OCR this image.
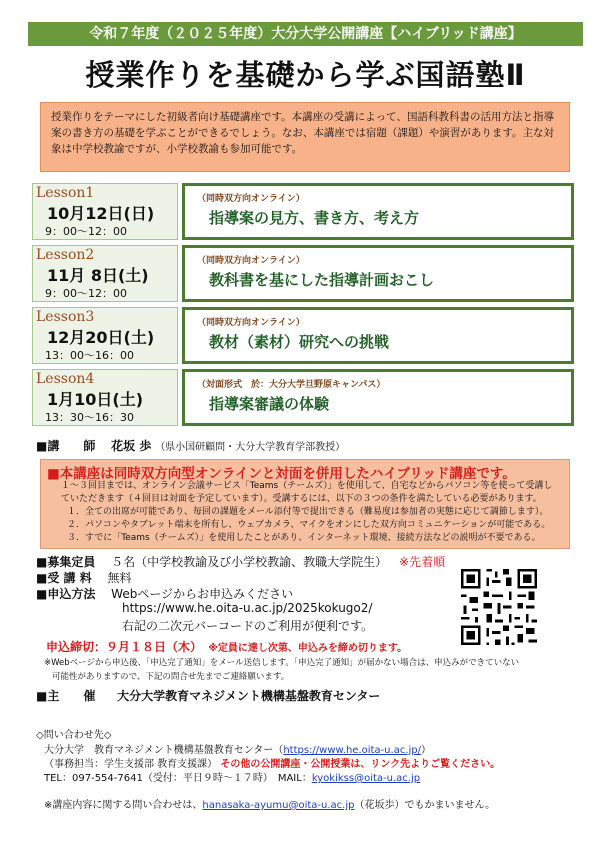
令和７年度（２０２５年度）大分大学公開講座【ハイブリッド講座】
授業作りを基礎から学ぶ国語塾Ⅱ
授業作りをテーマにした初級者向け基礎講座です。本講座の受講によって、国語科教科書の活用方法と指導案の書き方の基礎を学ぶことができるでしょう。なお、本講座では宿題（課題）や演習があります。主な対象は中学校教諭ですが、小学校教諭も参加可能です。
Lesson1
10月12日(日)
9：00〜12：00
（同時双方向オンライン）
指導案の見方、書き方、考え方
Lesson2
11月 8日(土)
9：00〜12：00
（同時双方向オンライン）
教科書を基にした指導計画おこし
Lesson3
12月20日(土)
13：00〜16：00
（同時双方向オンライン）
教材（素材）研究への挑戦
Lesson4
1月10日(土)
13：30〜16：30
（対面形式　於：大分大学旦野原キャンパス）
指導案審議の体験
■講　　師 花坂 歩 （県小国研顧問・大分大学教育学部教授）
■本講座は同時双方向型オンラインと対面を併用したハイブリッド講座です。
１〜３回目までは、オンライン会議サービス「Teams（チームズ）」を使用して、自宅などからパソコン等を使って受講し
ていただきます（４回目は対面を予定しています）。受講するには、以下の３つの条件を満たしている必要があります。
１．全ての出席が可能であり、毎回の課題をメール添付等で提出できる（難易度は参加者の実態に応じて調節します）。
２．パソコンやタブレット端末を所有し、ウェブカメラ、マイクをオンにした双方向コミュニケーションが可能である。
３．すでに「Teams（チームズ）」を使用したことがあり、インターネット環境、接続方法などの説明が不要である。
■募集定員 ５名（中学校教諭及び小学校教諭、教職大学院生） ※先着順
■受 講 料 無料
■申込方法 Webページからお申込みください
https://www.he.oita-u.ac.jp/2025kokugo2/
右記の二次元バーコードのご利用が便利です。
申込締切：９月１８日（木） ※定員に達し次第、申込みを締め切ります。
※Webページから申込後、「申込完了通知」をメール送信します。「申込完了通知」が届かない場合は、申込みができていない
可能性がありますので、下記の問合せ先までご連絡願います。
■主　　催 大分大学教育マネジメント機構基盤教育センター
◇問い合わせ先◇
大分大学　教育マネジメント機構基盤教育センター（https://www.he.oita-u.ac.jp/）
（事務担当：学生支援部 教育支援課） その他の公開講座・公開授業は、リンク先よりご覧ください。
TEL：097-554-7641（受付：平日９時〜１７時）　MAIL：kyokikss@oita-u.ac.jp
※講座内容に関する問い合わせは、hanasaka-ayumu@oita-u.ac.jp（花坂歩）でもかまいません。
